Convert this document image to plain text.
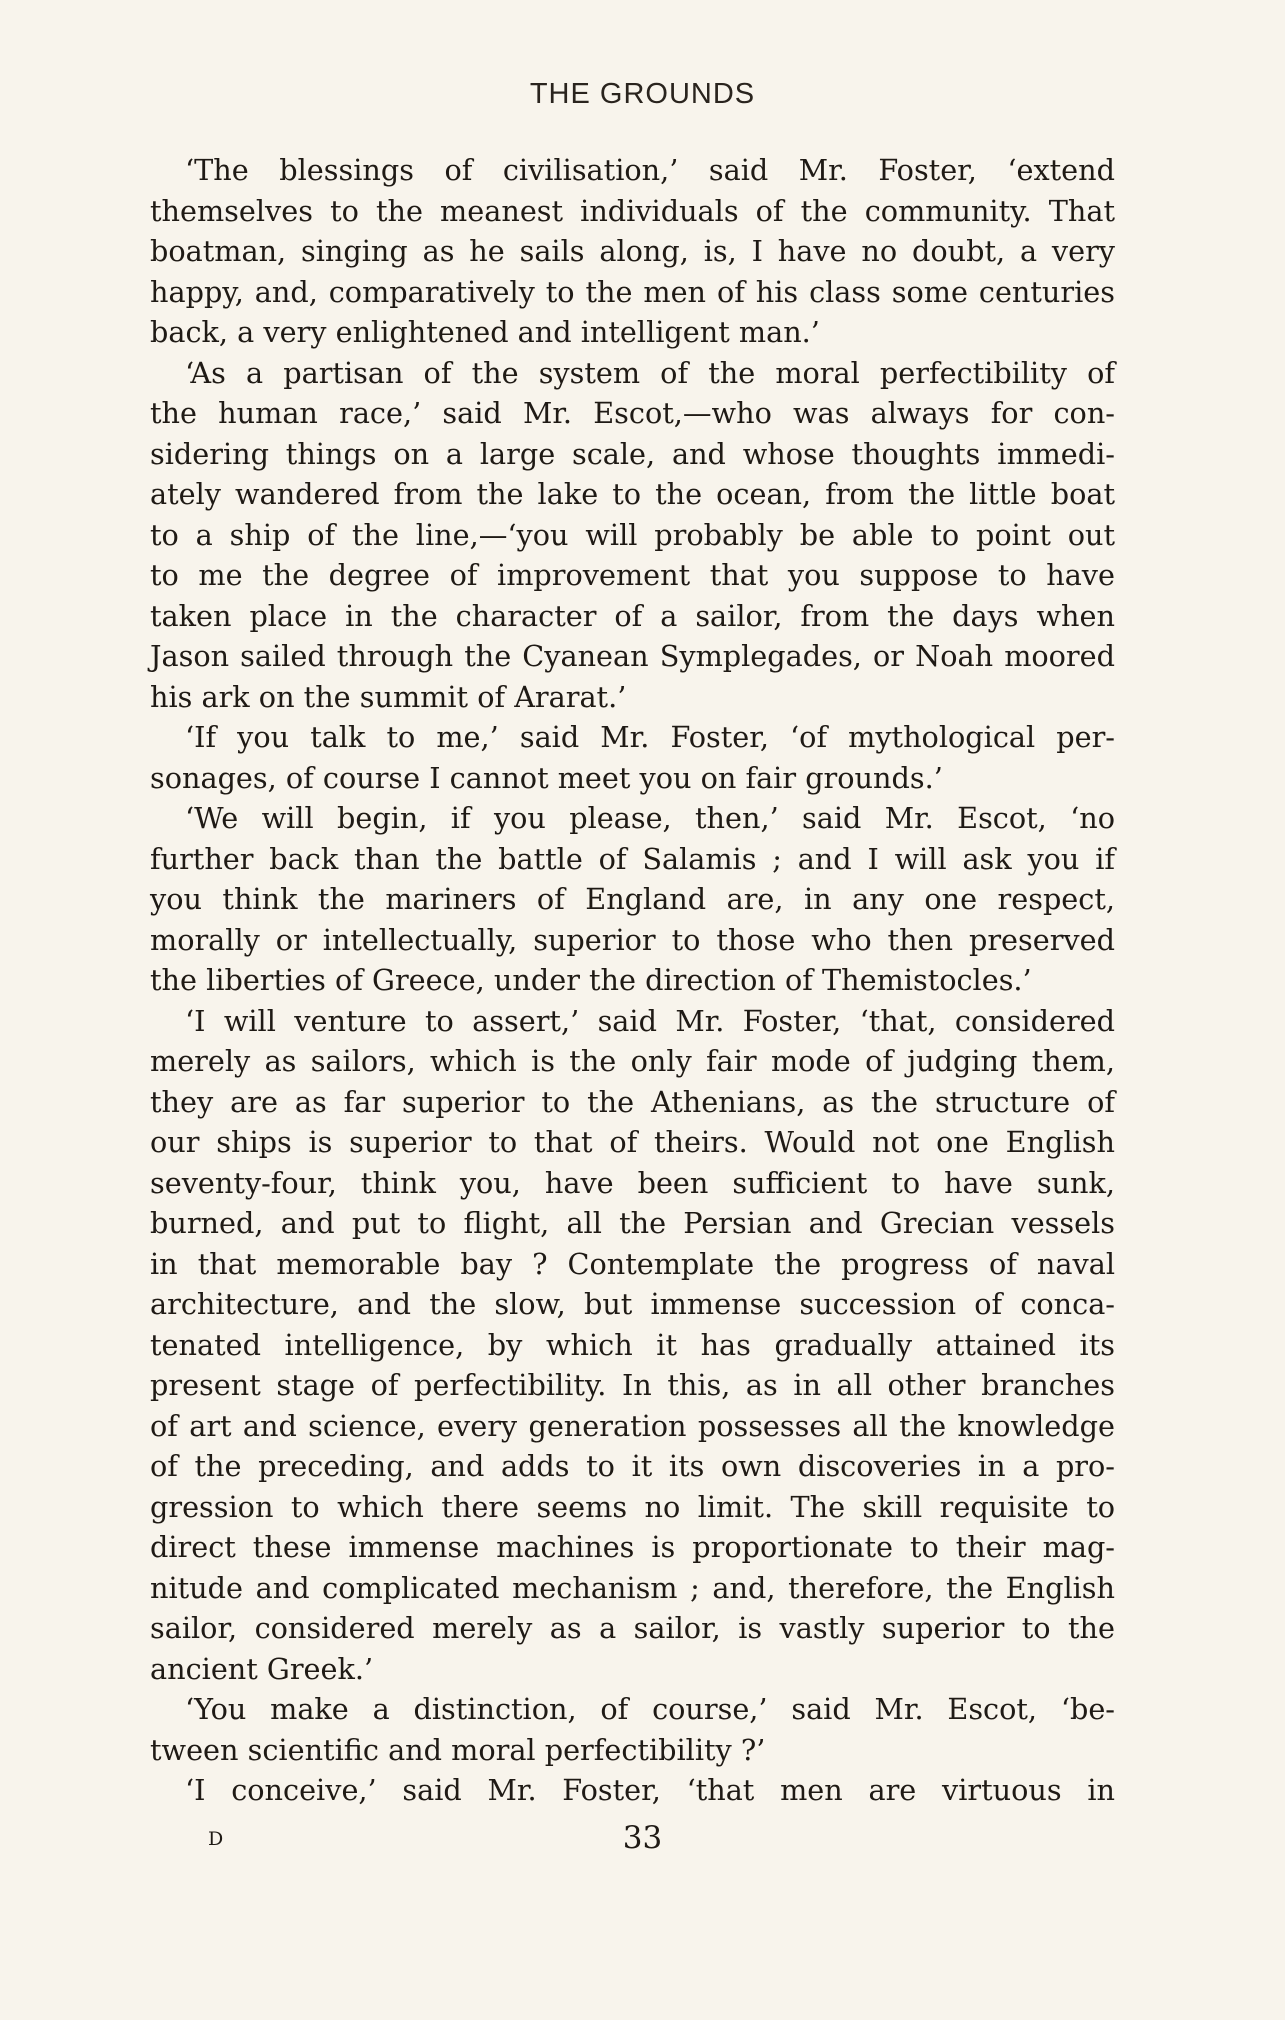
THE GROUNDS
‘The blessings of civilisation,’ said Mr. Foster, ‘extend
themselves to the meanest individuals of the community. That
boatman, singing as he sails along, is, I have no doubt, a very
happy, and, comparatively to the men of his class some centuries
back, a very enlightened and intelligent man.’
‘As a partisan of the system of the moral perfectibility of
the human race,’ said Mr. Escot,—who was always for con-
sidering things on a large scale, and whose thoughts immedi-
ately wandered from the lake to the ocean, from the little boat
to a ship of the line,—‘you will probably be able to point out
to me the degree of improvement that you suppose to have
taken place in the character of a sailor, from the days when
Jason sailed through the Cyanean Symplegades, or Noah moored
his ark on the summit of Ararat.’
‘If you talk to me,’ said Mr. Foster, ‘of mythological per-
sonages, of course I cannot meet you on fair grounds.’
‘We will begin, if you please, then,’ said Mr. Escot, ‘no
further back than the battle of Salamis ; and I will ask you if
you think the mariners of England are, in any one respect,
morally or intellectually, superior to those who then preserved
the liberties of Greece, under the direction of Themistocles.’
‘I will venture to assert,’ said Mr. Foster, ‘that, considered
merely as sailors, which is the only fair mode of judging them,
they are as far superior to the Athenians, as the structure of
our ships is superior to that of theirs. Would not one English
seventy-four, think you, have been sufficient to have sunk,
burned, and put to flight, all the Persian and Grecian vessels
in that memorable bay ? Contemplate the progress of naval
architecture, and the slow, but immense succession of conca-
tenated intelligence, by which it has gradually attained its
present stage of perfectibility. In this, as in all other branches
of art and science, every generation possesses all the knowledge
of the preceding, and adds to it its own discoveries in a pro-
gression to which there seems no limit. The skill requisite to
direct these immense machines is proportionate to their mag-
nitude and complicated mechanism ; and, therefore, the English
sailor, considered merely as a sailor, is vastly superior to the
ancient Greek.’
‘You make a distinction, of course,’ said Mr. Escot, ‘be-
tween scientific and moral perfectibility ?’
‘I conceive,’ said Mr. Foster, ‘that men are virtuous in
D	33
